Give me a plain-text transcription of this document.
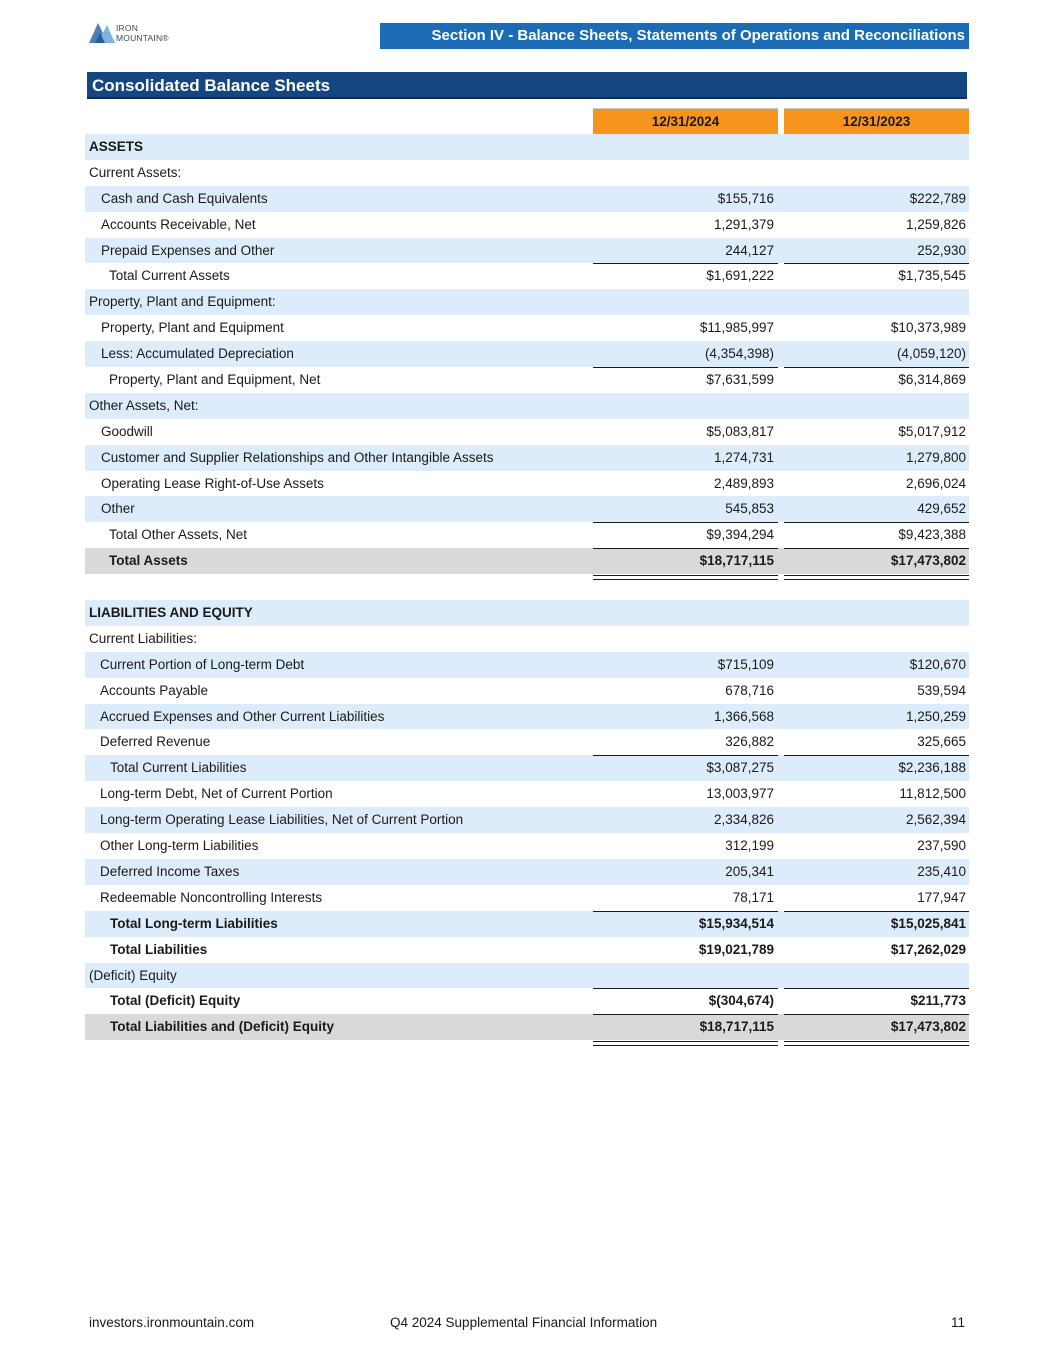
IRON
MOUNTAIN®	Section IV - Balance Sheets, Statements of Operations and Reconciliations
Consolidated Balance Sheets
12/31/2024	12/31/2023
ASSETS
Current Assets:
Cash and Cash Equivalents	$155,716	$222,789
Accounts Receivable, Net	1,291,379	1,259,826
Prepaid Expenses and Other	244,127	252,930
Total Current Assets	$1,691,222	$1,735,545
Property, Plant and Equipment:
Property, Plant and Equipment	$11,985,997	$10,373,989
Less: Accumulated Depreciation	(4,354,398)	(4,059,120)
Property, Plant and Equipment, Net	$7,631,599	$6,314,869
Other Assets, Net:
Goodwill	$5,083,817	$5,017,912
Customer and Supplier Relationships and Other Intangible Assets	1,274,731	1,279,800
Operating Lease Right-of-Use Assets	2,489,893	2,696,024
Other	545,853	429,652
Total Other Assets, Net	$9,394,294	$9,423,388
Total Assets	$18,717,115	$17,473,802
LIABILITIES AND EQUITY
Current Liabilities:
Current Portion of Long-term Debt	$715,109	$120,670
Accounts Payable	678,716	539,594
Accrued Expenses and Other Current Liabilities	1,366,568	1,250,259
Deferred Revenue	326,882	325,665
Total Current Liabilities	$3,087,275	$2,236,188
Long-term Debt, Net of Current Portion	13,003,977	11,812,500
Long-term Operating Lease Liabilities, Net of Current Portion	2,334,826	2,562,394
Other Long-term Liabilities	312,199	237,590
Deferred Income Taxes	205,341	235,410
Redeemable Noncontrolling Interests	78,171	177,947
Total Long-term Liabilities	$15,934,514	$15,025,841
Total Liabilities	$19,021,789	$17,262,029
(Deficit) Equity
Total (Deficit) Equity	$(304,674)	$211,773
Total Liabilities and (Deficit) Equity	$18,717,115	$17,473,802
investors.ironmountain.com	Q4 2024 Supplemental Financial Information	11
